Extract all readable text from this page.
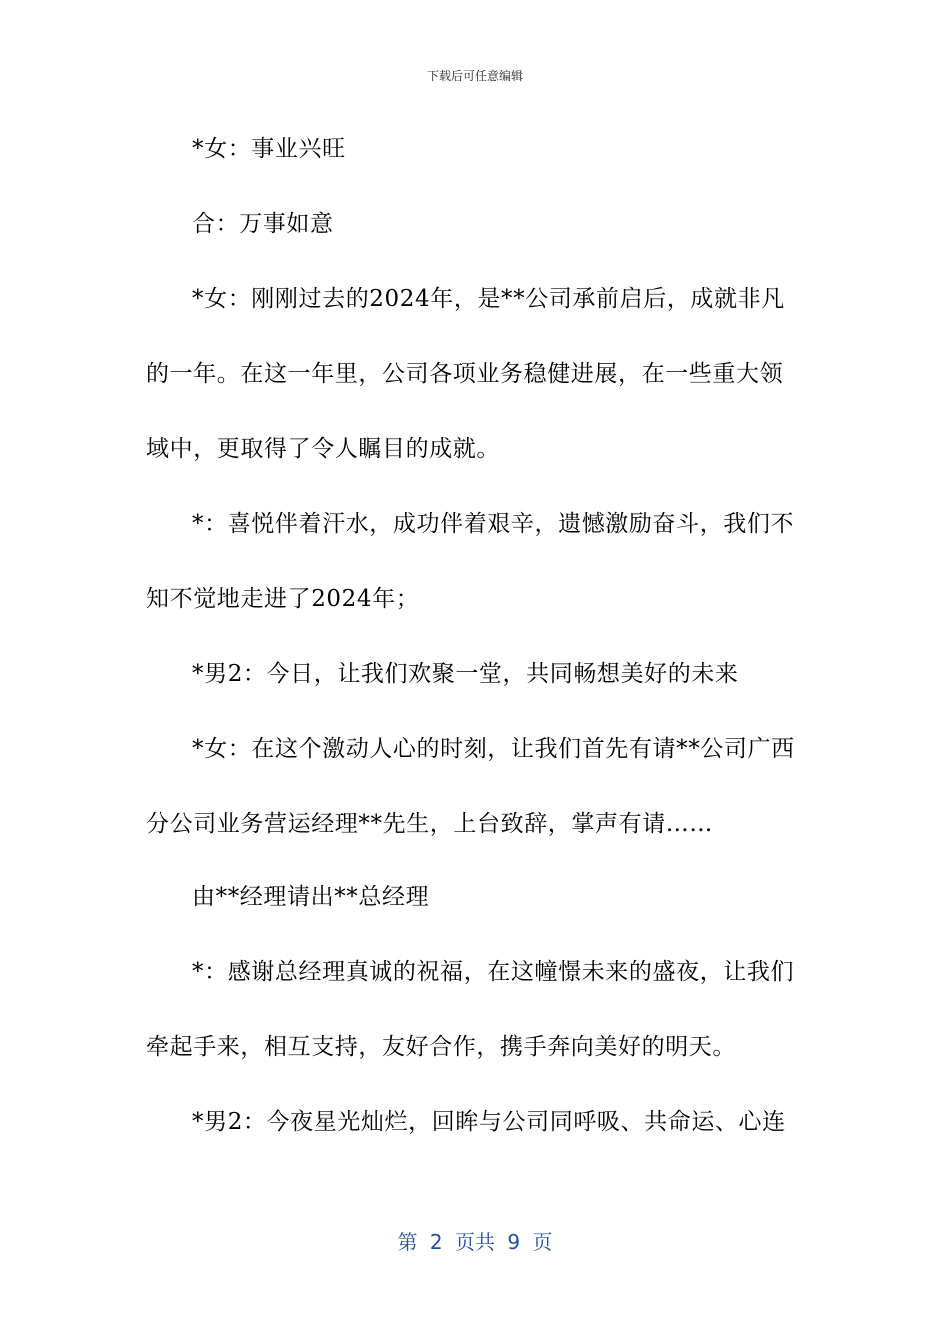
下载后可任意编辑

*女：事业兴旺

合：万事如意

*女：刚刚过去的2024年，是**公司承前启后，成就非凡

的一年。在这一年里，公司各项业务稳健进展，在一些重大领

域中，更取得了令人瞩目的成就。

*：喜悦伴着汗水，成功伴着艰辛，遗憾激励奋斗，我们不

知不觉地走进了2024年；

*男2：今日，让我们欢聚一堂，共同畅想美好的未来

*女：在这个激动人心的时刻，让我们首先有请**公司广西

分公司业务营运经理**先生，上台致辞，掌声有请……

由**经理请出**总经理

*：感谢总经理真诚的祝福，在这幢憬未来的盛夜，让我们

牵起手来，相互支持，友好合作，携手奔向美好的明天。

*男2：今夜星光灿烂，回眸与公司同呼吸、共命运、心连

第 2 页共 9 页
